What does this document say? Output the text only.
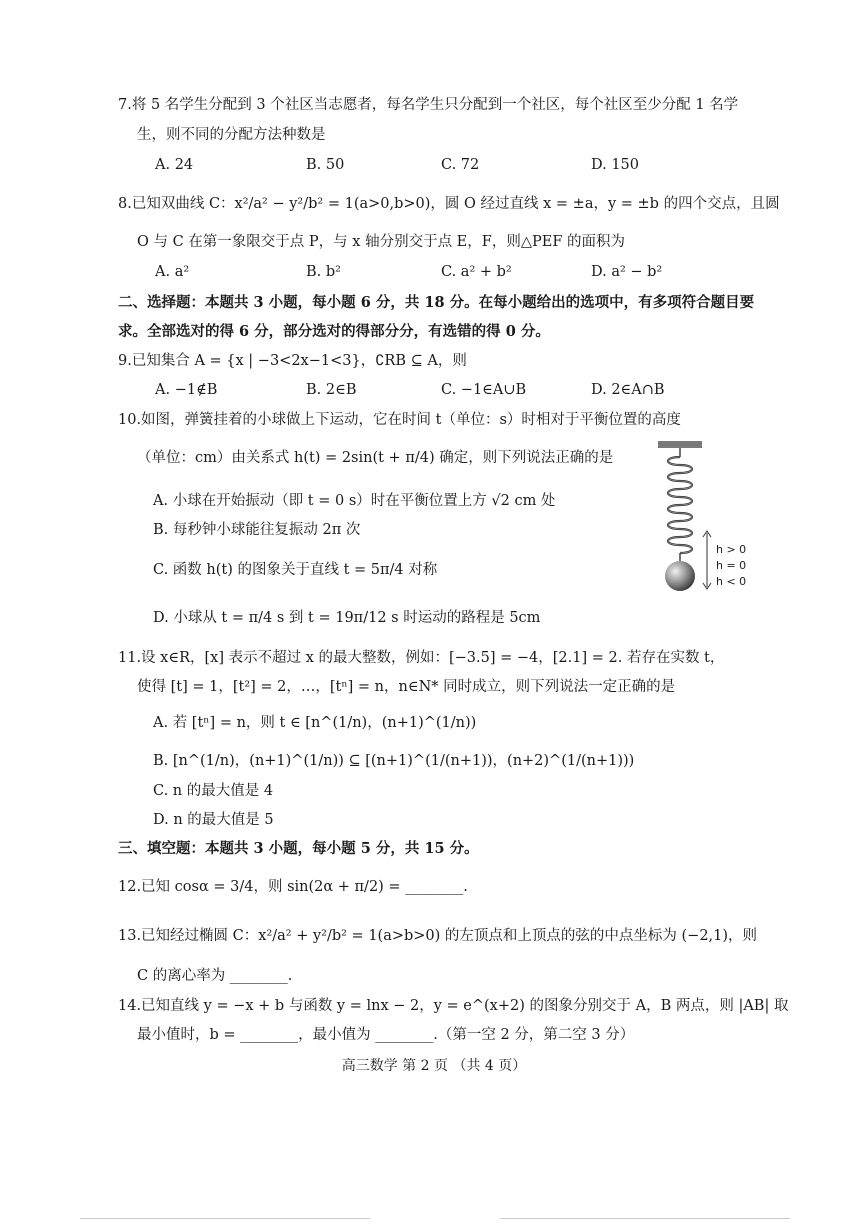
7.将 5 名学生分配到 3 个社区当志愿者，每名学生只分配到一个社区，每个社区至少分配 1 名学
生，则不同的分配方法种数是
A. 24	B. 50	C. 72	D. 150
8.已知双曲线 C：x²/a² − y²/b² = 1(a>0,b>0)，圆 O 经过直线 x = ±a，y = ±b 的四个交点，且圆
O 与 C 在第一象限交于点 P，与 x 轴分别交于点 E，F，则△PEF 的面积为
A. a²	B. b²	C. a² + b²	D. a² − b²
二、选择题：本题共 3 小题，每小题 6 分，共 18 分。在每小题给出的选项中，有多项符合题目要
求。全部选对的得 6 分，部分选对的得部分分，有选错的得 0 分。
9.已知集合 A = {x | −3<2x−1<3}，∁RB ⊆ A，则
A. −1∉B	B. 2∈B	C. −1∈A∪B	D. 2∈A∩B
10.如图，弹簧挂着的小球做上下运动，它在时间 t（单位：s）时相对于平衡位置的高度
（单位：cm）由关系式 h(t) = 2sin(t + π/4) 确定，则下列说法正确的是
A. 小球在开始振动（即 t = 0 s）时在平衡位置上方 √2 cm 处
B. 每秒钟小球能往复振动 2π 次
C. 函数 h(t) 的图象关于直线 t = 5π/4 对称
D. 小球从 t = π/4 s 到 t = 19π/12 s 时运动的路程是 5cm
h > 0
h = 0
h < 0
11.设 x∈R，[x] 表示不超过 x 的最大整数，例如：[−3.5] = −4，[2.1] = 2. 若存在实数 t，
使得 [t] = 1，[t²] = 2，…，[tⁿ] = n，n∈N* 同时成立，则下列说法一定正确的是
A. 若 [tⁿ] = n，则 t ∈ [n^(1/n)，(n+1)^(1/n))
B. [n^(1/n)，(n+1)^(1/n)) ⊆ [(n+1)^(1/(n+1))，(n+2)^(1/(n+1)))
C. n 的最大值是 4
D. n 的最大值是 5
三、填空题：本题共 3 小题，每小题 5 分，共 15 分。
12.已知 cosα = 3/4，则 sin(2α + π/2) = ________.
13.已知经过椭圆 C：x²/a² + y²/b² = 1(a>b>0) 的左顶点和上顶点的弦的中点坐标为 (−2,1)，则
C 的离心率为 ________.
14.已知直线 y = −x + b 与函数 y = lnx − 2，y = e^(x+2) 的图象分别交于 A，B 两点，则 |AB| 取
最小值时，b = ________，最小值为 ________.（第一空 2 分，第二空 3 分）
高三数学 第 2 页 （共 4 页）
